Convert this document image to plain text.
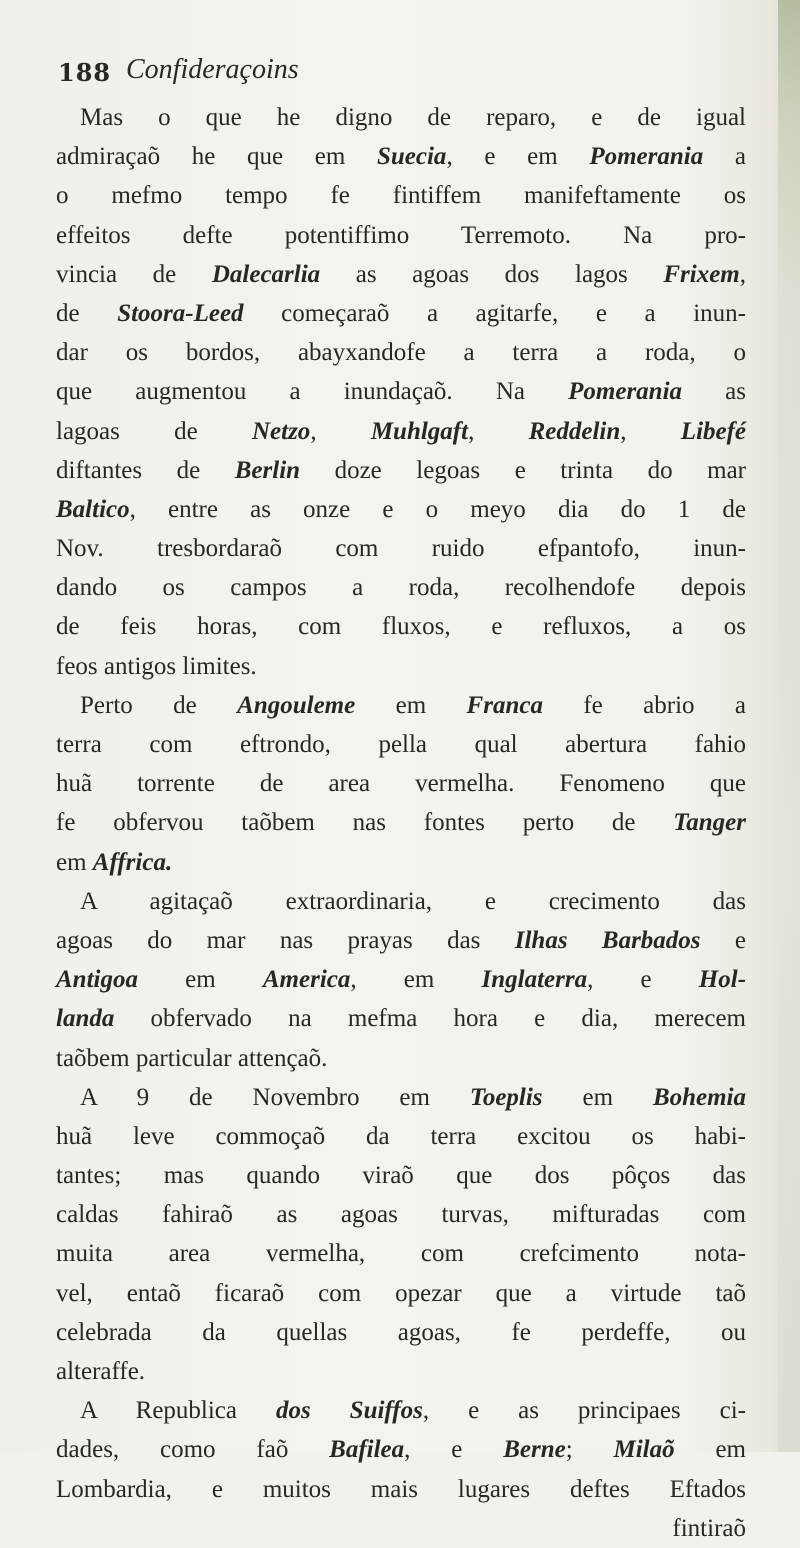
188 Confideraçoins
Mas o que he digno de reparo, e de igual
admiraçaõ he que em Suecia, e em Pomerania a
o mefmo tempo fe fintiffem manifeftamente os
effeitos defte potentiffimo Terremoto. Na pro-
vincia de Dalecarlia as agoas dos lagos Frixem,
de Stoora-Leed começaraõ a agitarfe, e a inun-
dar os bordos, abayxandofe a terra a roda, o
que augmentou a inundaçaõ. Na Pomerania as
lagoas de Netzo, Muhlgaft, Reddelin, Libefé
diftantes de Berlin doze legoas e trinta do mar
Baltico, entre as onze e o meyo dia do 1 de
Nov. tresbordaraõ com ruido efpantofo, inun-
dando os campos a roda, recolhendofe depois
de feis horas, com fluxos, e refluxos, a os
feos antigos limites.
Perto de Angouleme em Franca fe abrio a
terra com eftrondo, pella qual abertura fahio
huã torrente de area vermelha. Fenomeno que
fe obfervou taõbem nas fontes perto de Tanger
em Affrica.
A agitaçaõ extraordinaria, e crecimento das
agoas do mar nas prayas das Ilhas Barbados e
Antigoa em America, em Inglaterra, e Hol-
landa obfervado na mefma hora e dia, merecem
taõbem particular attençaõ.
A 9 de Novembro em Toeplis em Bohemia
huã leve commoçaõ da terra excitou os habi-
tantes; mas quando viraõ que dos pôços das
caldas fahiraõ as agoas turvas, mifturadas com
muita area vermelha, com crefcimento nota-
vel, entaõ ficaraõ com opezar que a virtude taõ
celebrada da quellas agoas, fe perdeffe, ou
alteraffe.
A Republica dos Suiffos, e as principaes ci-
dades, como faõ Bafilea, e Berne; Milaõ em
Lombardia, e muitos mais lugares deftes Eftados
fintiraõ
